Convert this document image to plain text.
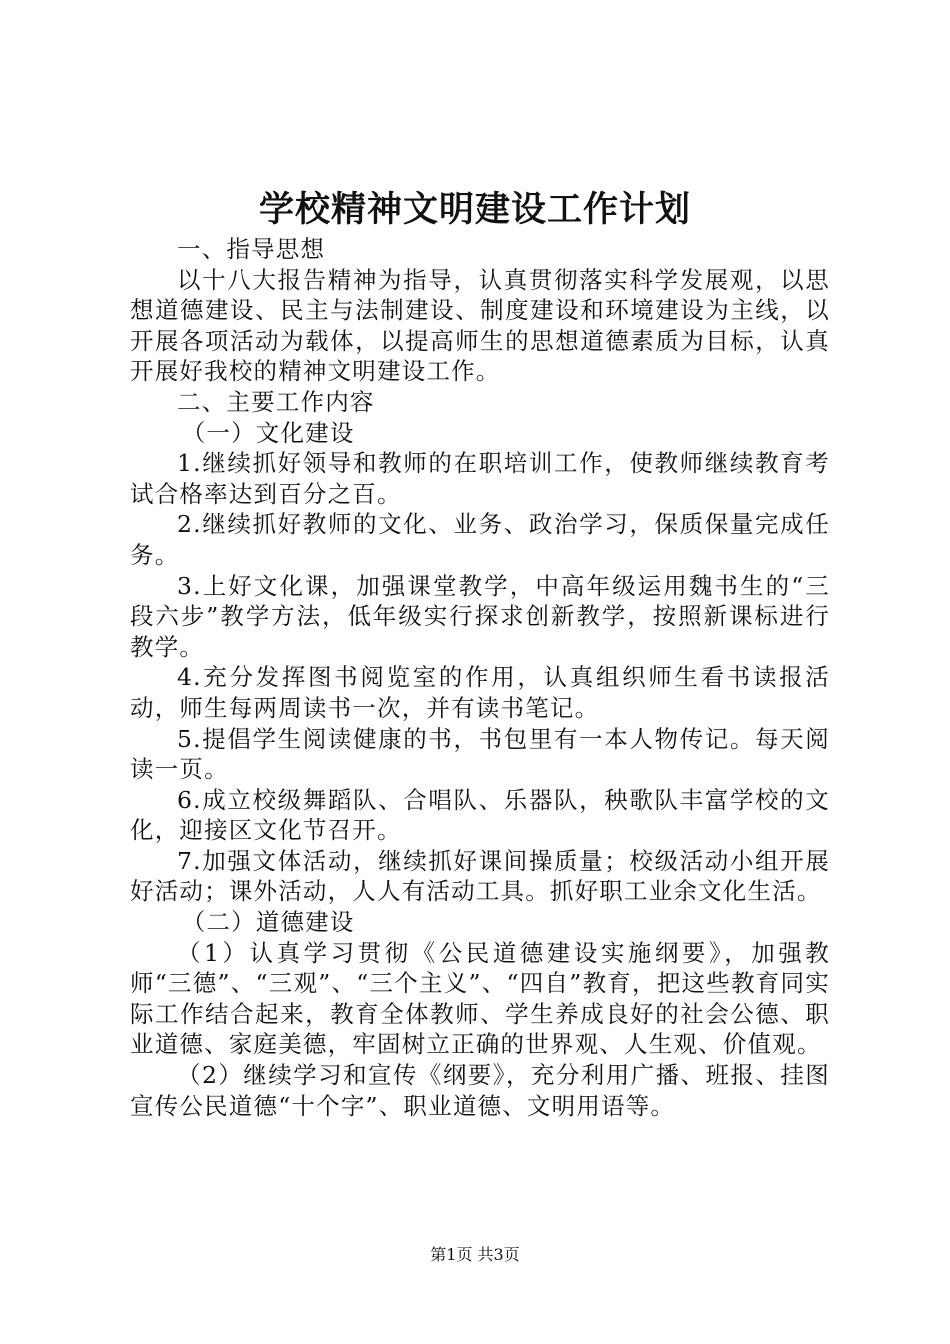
学校精神文明建设工作计划

一、指导思想

以十八大报告精神为指导，认真贯彻落实科学发展观，以思想道德建设、民主与法制建设、制度建设和环境建设为主线，以开展各项活动为载体，以提高师生的思想道德素质为目标，认真开展好我校的精神文明建设工作。

二、主要工作内容

（一）文化建设

1.继续抓好领导和教师的在职培训工作，使教师继续教育考试合格率达到百分之百。

2.继续抓好教师的文化、业务、政治学习，保质保量完成任务。

3.上好文化课，加强课堂教学，中高年级运用魏书生的“三段六步”教学方法，低年级实行探求创新教学，按照新课标进行教学。

4.充分发挥图书阅览室的作用，认真组织师生看书读报活动，师生每两周读书一次，并有读书笔记。

5.提倡学生阅读健康的书，书包里有一本人物传记。每天阅读一页。

6.成立校级舞蹈队、合唱队、乐器队，秧歌队丰富学校的文化，迎接区文化节召开。

7.加强文体活动，继续抓好课间操质量；校级活动小组开展好活动；课外活动，人人有活动工具。抓好职工业余文化生活。

（二）道德建设

（1）认真学习贯彻《公民道德建设实施纲要》，加强教师“三德”、“三观”、“三个主义”、“四自”教育，把这些教育同实际工作结合起来，教育全体教师、学生养成良好的社会公德、职业道德、家庭美德，牢固树立正确的世界观、人生观、价值观。

（2）继续学习和宣传《纲要》，充分利用广播、班报、挂图宣传公民道德“十个字”、职业道德、文明用语等。

第1页 共3页
